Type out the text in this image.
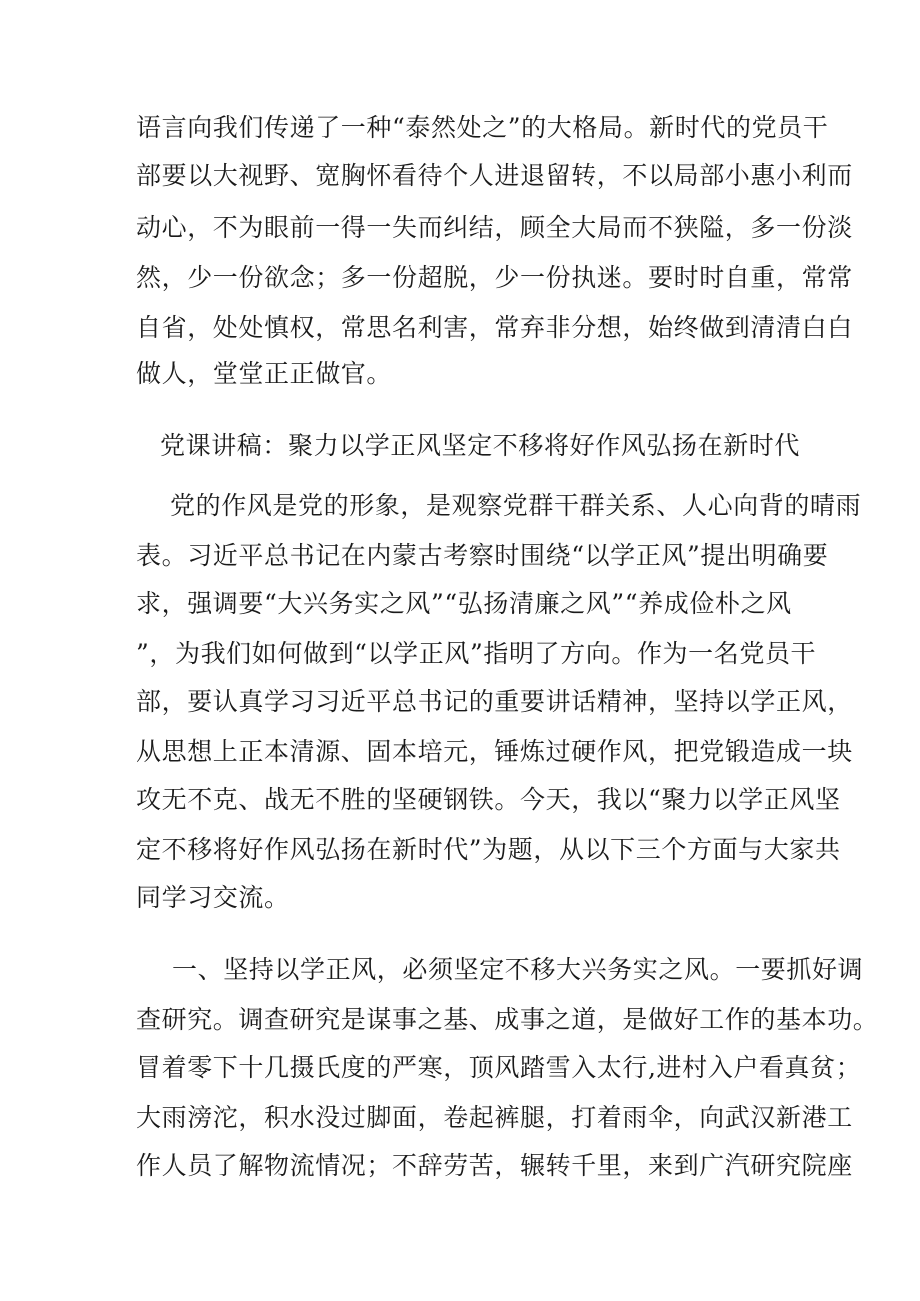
语言向我们传递了一种“泰然处之”的大格局。新时代的党员干
部要以大视野、宽胸怀看待个人进退留转，不以局部小惠小利而
动心，不为眼前一得一失而纠结，顾全大局而不狭隘，多一份淡
然，少一份欲念；多一份超脱，少一份执迷。要时时自重，常常
自省，处处慎权，常思名利害，常弃非分想，始终做到清清白白
做人，堂堂正正做官。
党课讲稿：聚力以学正风坚定不移将好作风弘扬在新时代
党的作风是党的形象，是观察党群干群关系、人心向背的晴雨
表。习近平总书记在内蒙古考察时围绕“以学正风”提出明确要
求，强调要“大兴务实之风”“弘扬清廉之风”“养成俭朴之风
”，为我们如何做到“以学正风”指明了方向。作为一名党员干
部，要认真学习习近平总书记的重要讲话精神，坚持以学正风，
从思想上正本清源、固本培元，锤炼过硬作风，把党锻造成一块
攻无不克、战无不胜的坚硬钢铁。今天，我以“聚力以学正风坚
定不移将好作风弘扬在新时代”为题，从以下三个方面与大家共
同学习交流。
一、坚持以学正风，必须坚定不移大兴务实之风。一要抓好调
查研究。调查研究是谋事之基、成事之道，是做好工作的基本功。
冒着零下十几摄氏度的严寒，顶风踏雪入太行,进村入户看真贫；
大雨滂沱，积水没过脚面，卷起裤腿，打着雨伞，向武汉新港工
作人员了解物流情况；不辞劳苦，辗转千里，来到广汽研究院座
